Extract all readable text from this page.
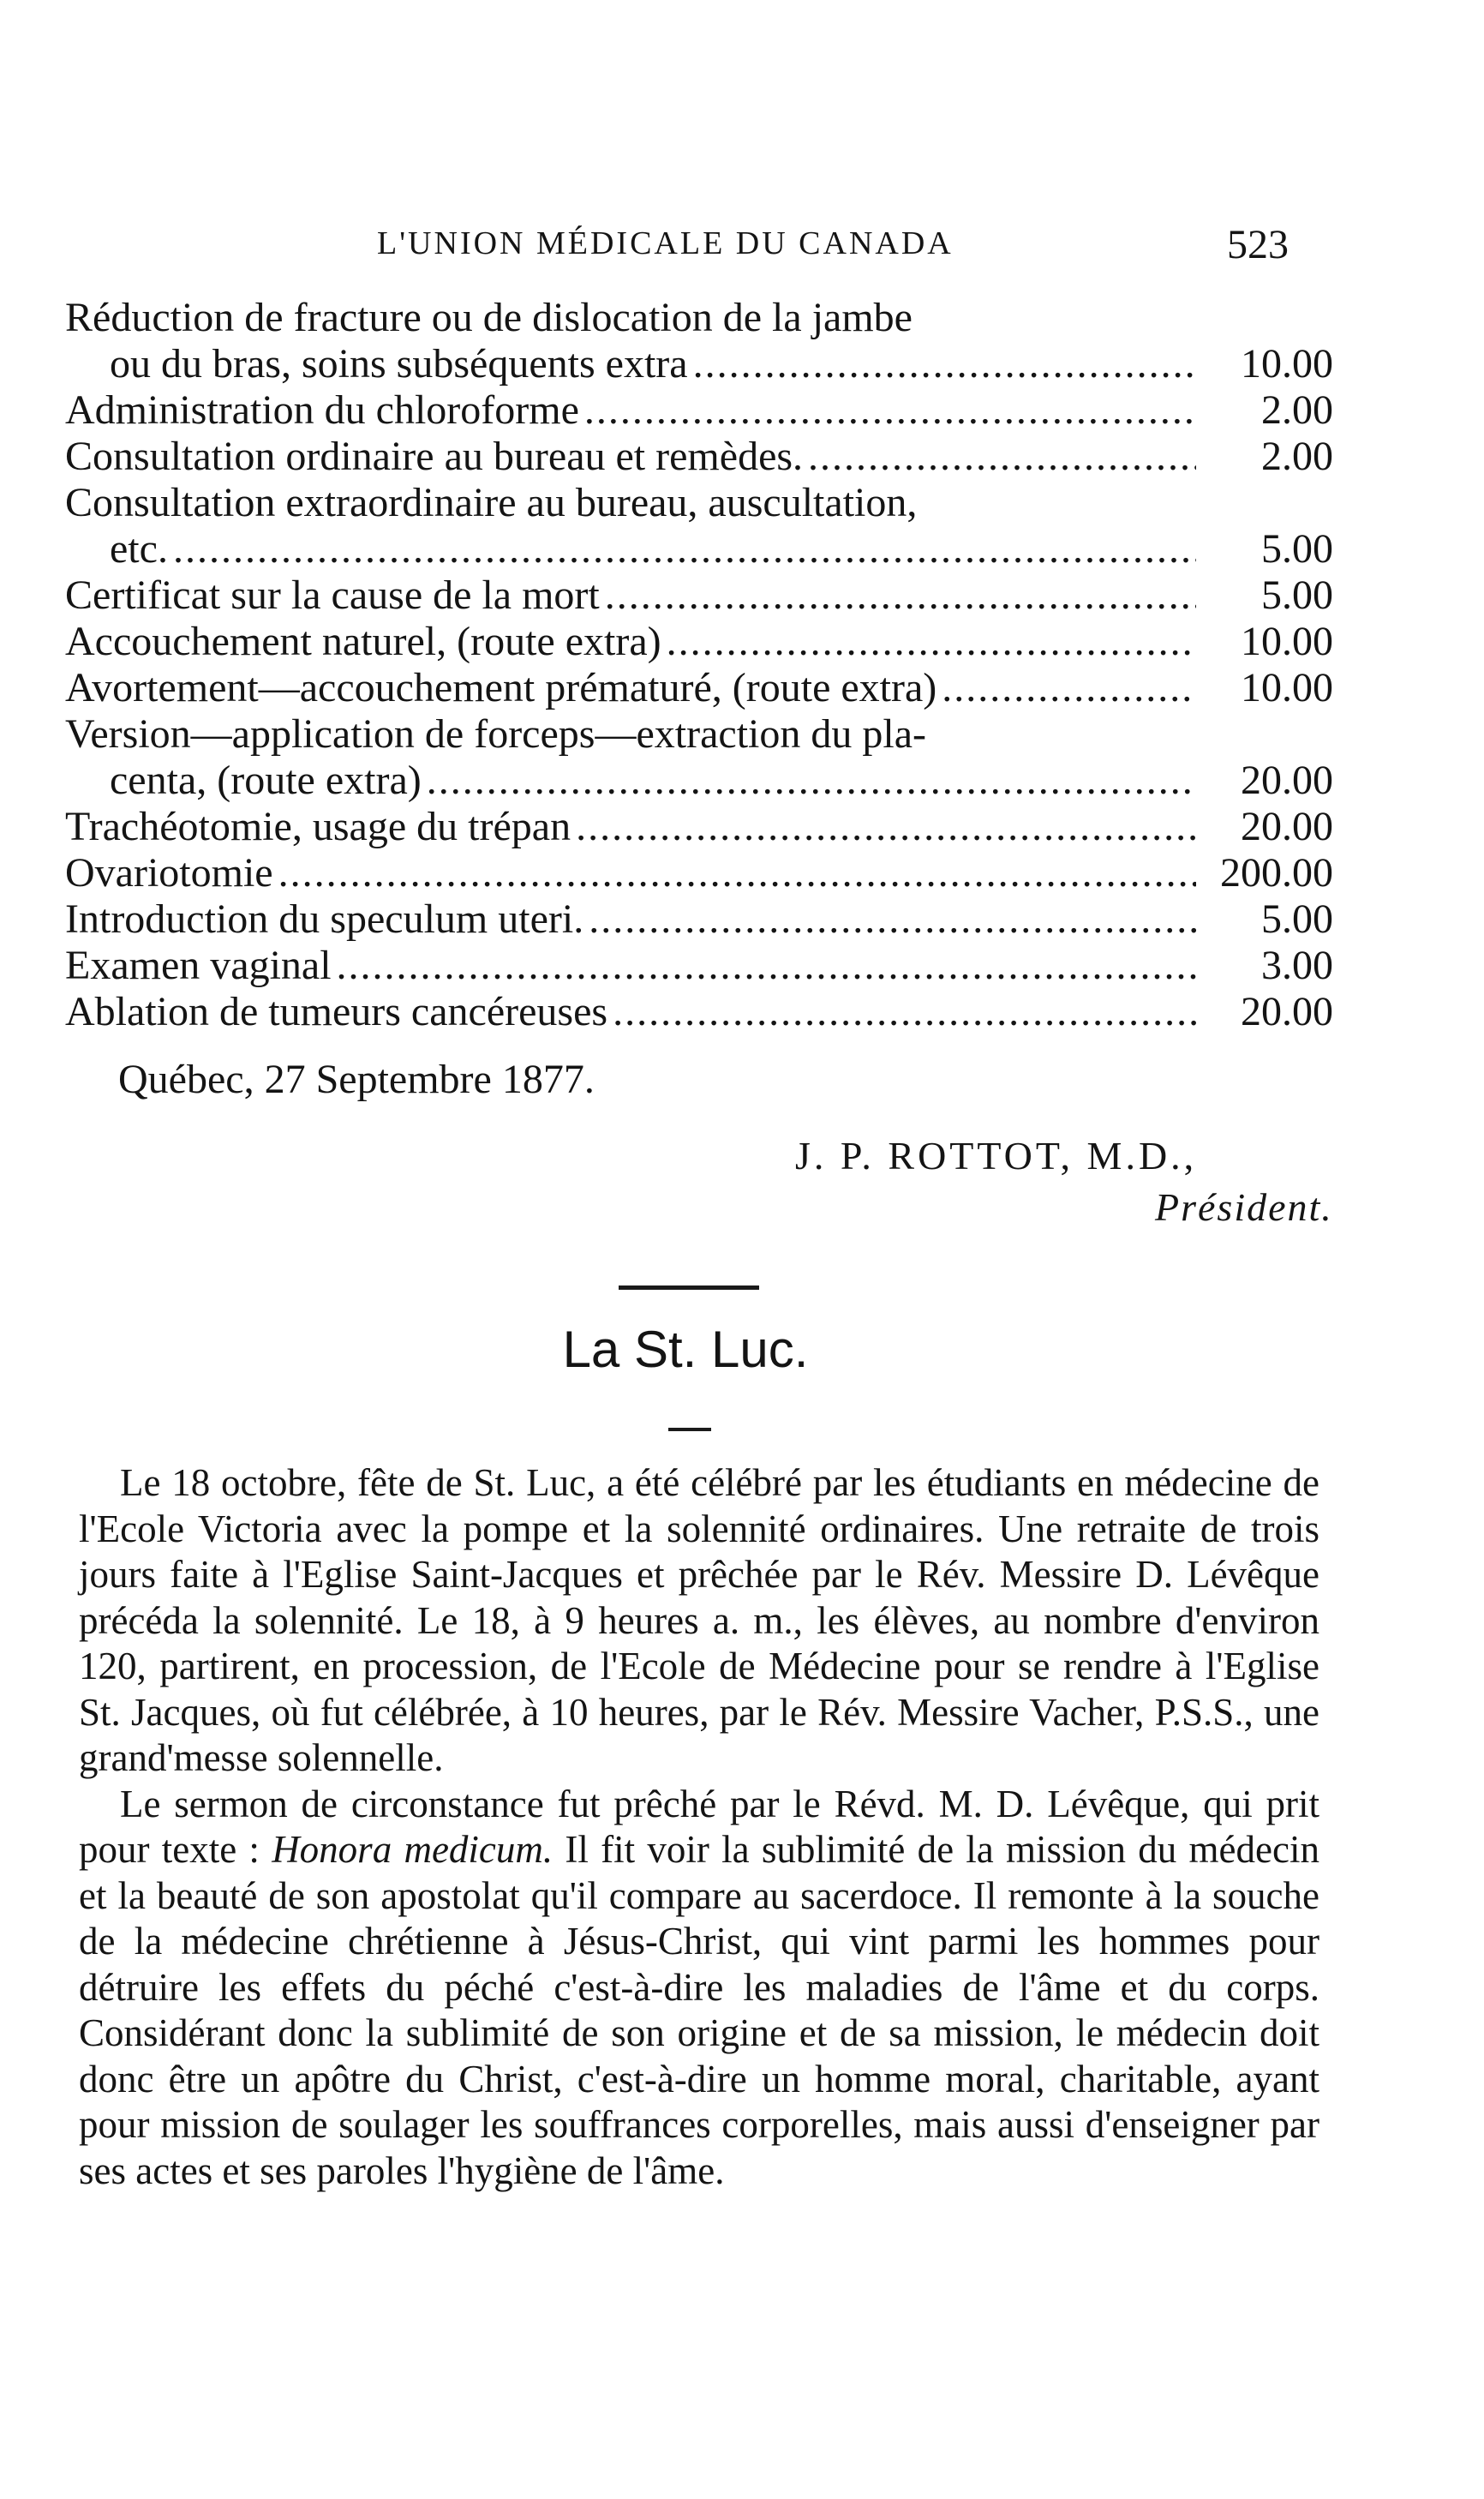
L'UNION MÉDICALE DU CANADA	523
Réduction de fracture ou de dislocation de la jambe
ou du bras, soins subséquents extra .....	10.00
Administration du chloroforme .....	2.00
Consultation ordinaire au bureau et remèdes. .....	2.00
Consultation extraordinaire au bureau, auscultation,
etc. .....	5.00
Certificat sur la cause de la mort .....	5.00
Accouchement naturel, (route extra) .....	10.00
Avortement—accouchement prématuré, (route extra) .....	10.00
Version—application de forceps—extraction du pla-
centa, (route extra) .....	20.00
Trachéotomie, usage du trépan .....	20.00
Ovariotomie .....	200.00
Introduction du speculum uteri. .....	5.00
Examen vaginal .....	3.00
Ablation de tumeurs cancéreuses .....	20.00
Québec, 27 Septembre 1877.
J. P. ROTTOT, M.D.,
Président.
La St. Luc.

Le 18 octobre, fête de St. Luc, a été célébré par les étudiants en médecine de l'Ecole Victoria avec la pompe et la solennité ordinaires. Une retraite de trois jours faite à l'Eglise Saint-Jacques et prêchée par le Rév. Messire D. Lévêque précéda la solennité. Le 18, à 9 heures a. m., les élèves, au nombre d'environ 120, partirent, en procession, de l'Ecole de Médecine pour se rendre à l'Eglise St. Jacques, où fut célébrée, à 10 heures, par le Rév. Messire Vacher, P.S.S., une grand'messe solennelle.

Le sermon de circonstance fut prêché par le Révd. M. D. Lévêque, qui prit pour texte : Honora medicum. Il fit voir la sublimité de la mission du médecin et la beauté de son apostolat qu'il compare au sacerdoce. Il remonte à la souche de la médecine chrétienne à Jésus-Christ, qui vint parmi les hommes pour détruire les effets du péché c'est-à-dire les maladies de l'âme et du corps. Considérant donc la sublimité de son origine et de sa mission, le médecin doit donc être un apôtre du Christ, c'est-à-dire un homme moral, charitable, ayant pour mission de soulager les souffrances corporelles, mais aussi d'enseigner par ses actes et ses paroles l'hygiène de l'âme.
